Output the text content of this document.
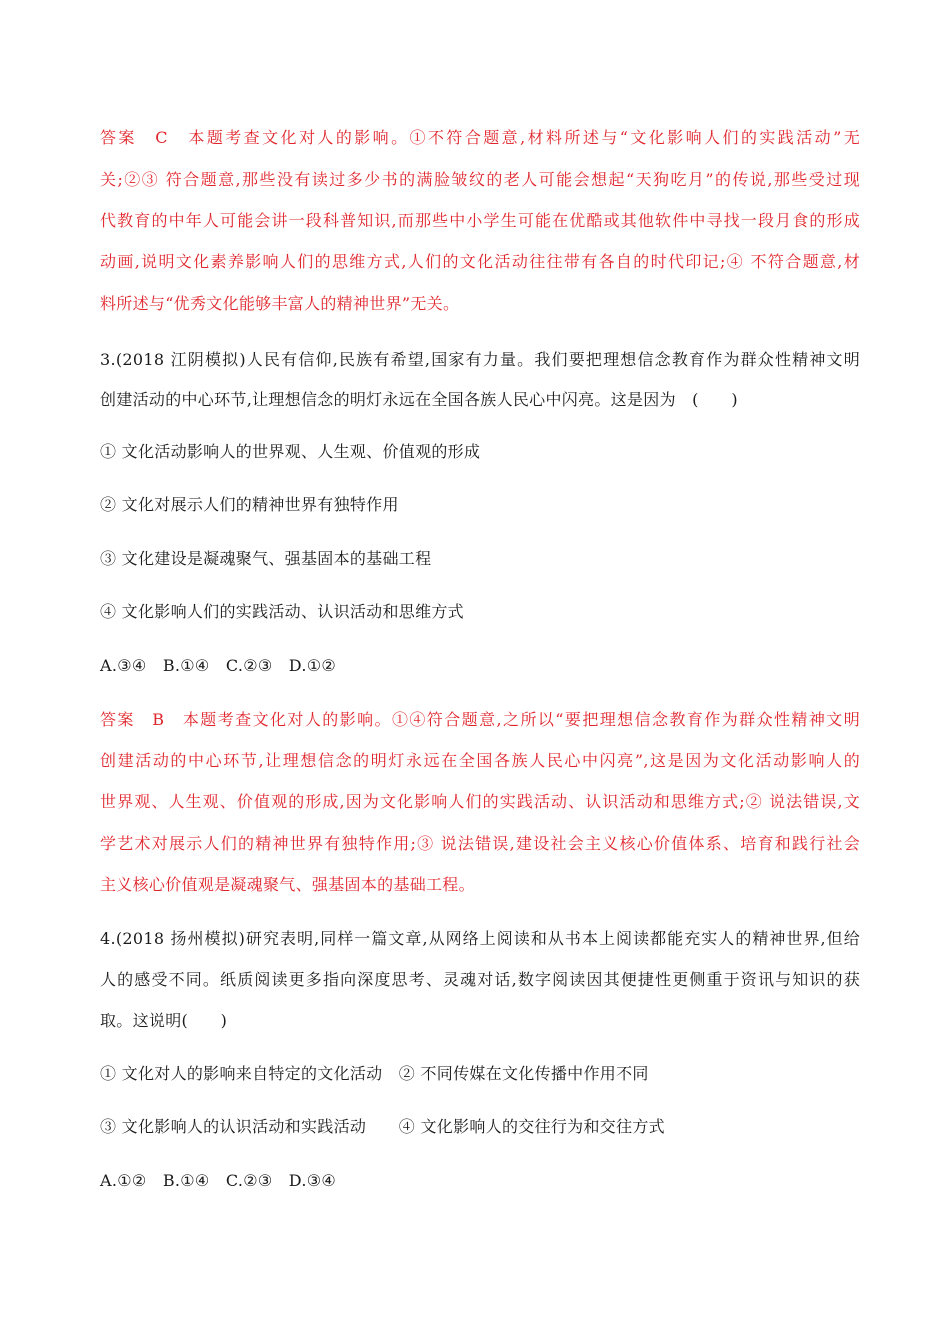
答案　C　本题考查文化对人的影响。①不符合题意,材料所述与“文化影响人们的实践活动”无
关;②③ 符合题意,那些没有读过多少书的满脸皱纹的老人可能会想起“天狗吃月”的传说,那些受过现
代教育的中年人可能会讲一段科普知识,而那些中小学生可能在优酷或其他软件中寻找一段月食的形成
动画,说明文化素养影响人们的思维方式,人们的文化活动往往带有各自的时代印记;④ 不符合题意,材
料所述与“优秀文化能够丰富人的精神世界”无关。
3.(2018 江阴模拟)人民有信仰,民族有希望,国家有力量。我们要把理想信念教育作为群众性精神文明
创建活动的中心环节,让理想信念的明灯永远在全国各族人民心中闪亮。这是因为　(　　)
① 文化活动影响人的世界观、人生观、价值观的形成
② 文化对展示人们的精神世界有独特作用
③ 文化建设是凝魂聚气、强基固本的基础工程
④ 文化影响人们的实践活动、认识活动和思维方式
A.③④　B.①④　C.②③　D.①②
答案　B　本题考查文化对人的影响。①④符合题意,之所以“要把理想信念教育作为群众性精神文明
创建活动的中心环节,让理想信念的明灯永远在全国各族人民心中闪亮”,这是因为文化活动影响人的
世界观、人生观、价值观的形成,因为文化影响人们的实践活动、认识活动和思维方式;② 说法错误,文
学艺术对展示人们的精神世界有独特作用;③ 说法错误,建设社会主义核心价值体系、培育和践行社会
主义核心价值观是凝魂聚气、强基固本的基础工程。
4.(2018 扬州模拟)研究表明,同样一篇文章,从网络上阅读和从书本上阅读都能充实人的精神世界,但给
人的感受不同。纸质阅读更多指向深度思考、灵魂对话,数字阅读因其便捷性更侧重于资讯与知识的获
取。这说明(　　)
① 文化对人的影响来自特定的文化活动　② 不同传媒在文化传播中作用不同
③ 文化影响人的认识活动和实践活动　　④ 文化影响人的交往行为和交往方式
A.①②　B.①④　C.②③　D.③④
